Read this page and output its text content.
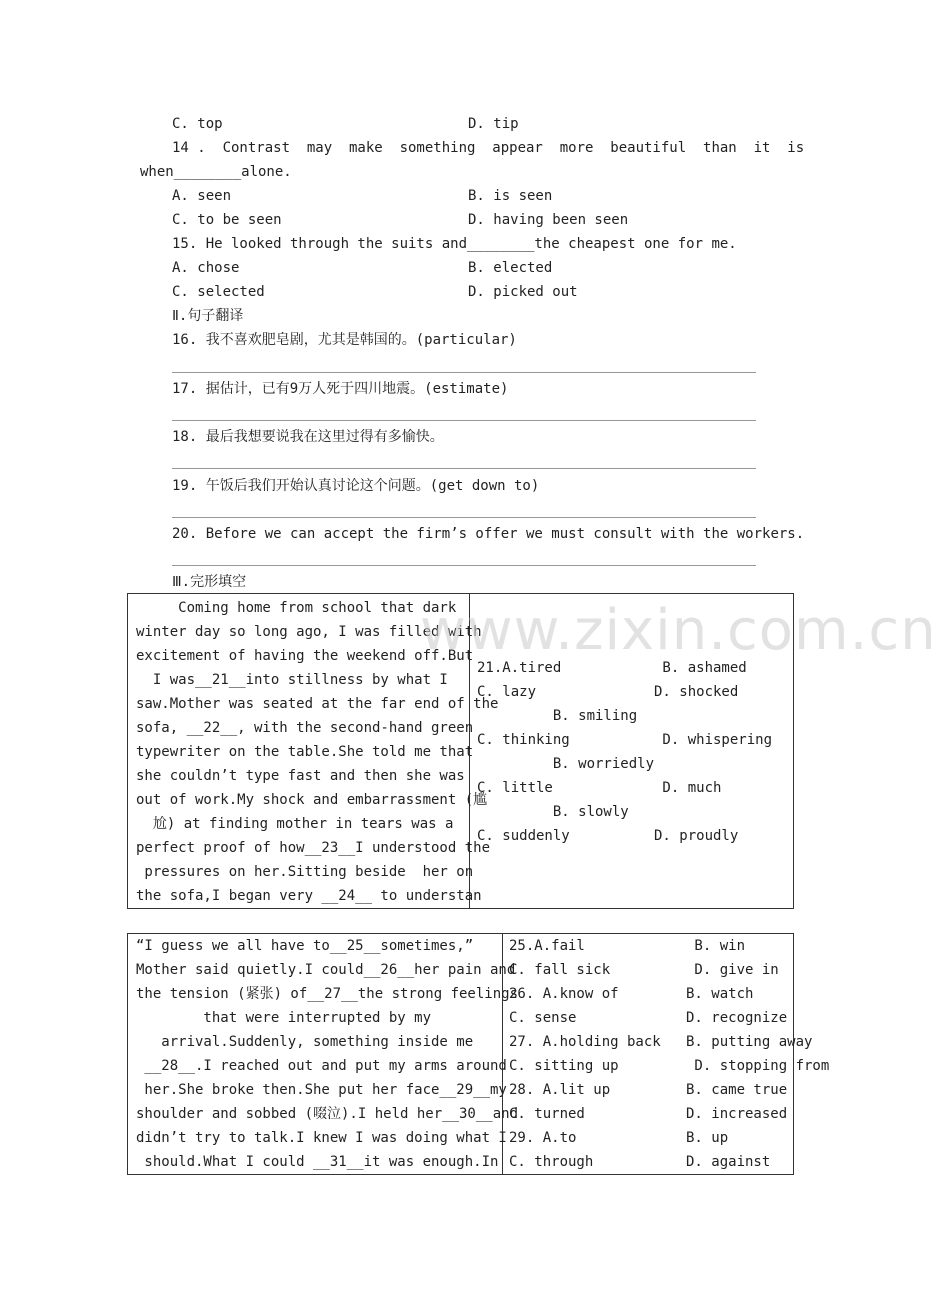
C. top	D. tip
14 .  Contrast  may  make  something  appear  more  beautiful  than  it  is
when________alone.
A. seen	B. is seen
C. to be seen	D. having been seen
15. He looked through the suits and________the cheapest one for me.
A. chose	B. elected
C. selected	D. picked out
Ⅱ.句子翻译
16. 我不喜欢肥皂剧，尤其是韩国的。(particular)
17. 据估计，已有9万人死于四川地震。(estimate)
18. 最后我想要说我在这里过得有多愉快。
19. 午饭后我们开始认真讨论这个问题。(get down to)
20. Before we can accept the firm’s offer we must consult with the workers.
Ⅲ.完形填空
Coming home from school that dark
winter day so long ago, I was filled with
excitement of having the weekend off.But
I was__21__into stillness by what I
saw.Mother was seated at the far end of the
sofa, __22__, with the second-hand green
typewriter on the table.She told me that
she couldn’t type fast and then she was
out of work.My shock and embarrassment (尴
尬) at finding mother in tears was a
perfect proof of how__23__I understood the
pressures on her.Sitting beside  her on
the sofa,I began very __24__ to understan
21.A.tired            B. ashamed
C. lazy              D. shocked
B. smiling
C. thinking           D. whispering
B. worriedly
C. little             D. much
B. slowly
C. suddenly          D. proudly
www.zixin.com.cn
“I guess we all have to__25__sometimes,”
Mother said quietly.I could__26__her pain and
the tension (紧张) of__27__the strong feelings
that were interrupted by my
arrival.Suddenly, something inside me
__28__.I reached out and put my arms around
her.She broke then.She put her face__29__my
shoulder and sobbed (啜泣).I held her__30__and
didn’t try to talk.I knew I was doing what I
should.What I could __31__it was enough.In
25.A.fail             B. win
C. fall sick          D. give in
26. A.know of        B. watch
C. sense             D. recognize
27. A.holding back   B. putting away
C. sitting up         D. stopping from
28. A.lit up         B. came true
C. turned            D. increased
29. A.to             B. up
C. through           D. against
